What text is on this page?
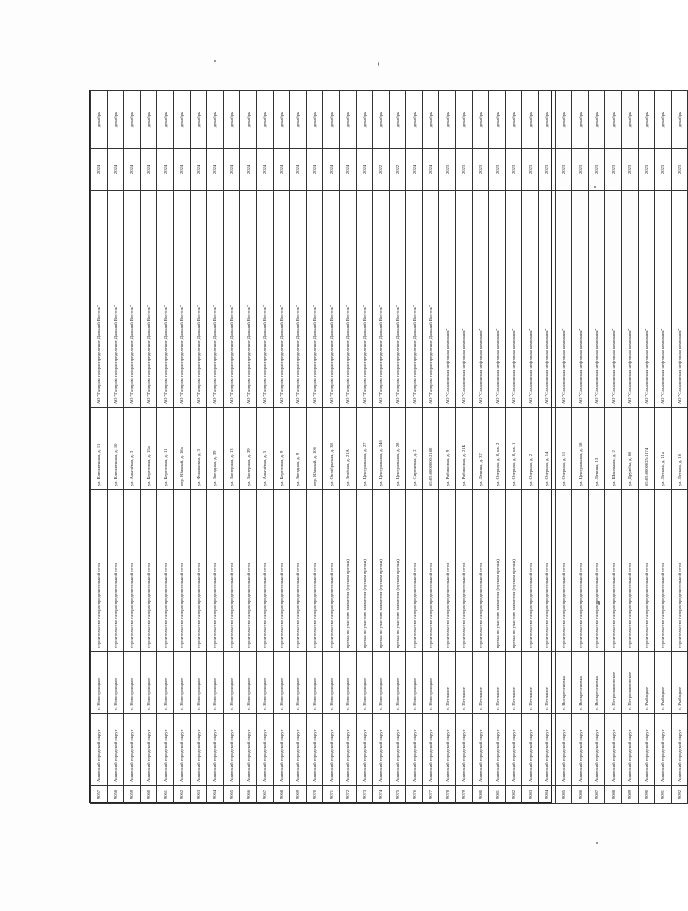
9057	Анивский городской округ	с. Новотроицкое	строительство газораспределительной сети	ул. Клюквенная, д. 11	АО "Газпром газораспределение Дальний Восток"	2024	декабрь
9058	Анивский городской округ	с. Новотроицкое	строительство газораспределительной сети	ул. Клюквенная, д. 10	АО "Газпром газораспределение Дальний Восток"	2024	декабрь
9059	Анивский городской округ	с. Новотроицкое	строительство газораспределительной сети	ул. Алычёвая, д. 3	АО "Газпром газораспределение Дальний Восток"	2024	декабрь
9060	Анивский городской округ	с. Новотроицкое	строительство газораспределительной сети	ул. Березовая, д. 15а	АО "Газпром газораспределение Дальний Восток"	2024	декабрь
9061	Анивский городской округ	с. Новотроицкое	строительство газораспределительной сети	ул. Березовая, д. 11	АО "Газпром газораспределение Дальний Восток"	2024	декабрь
9062	Анивский городской округ	с. Новотроицкое	строительство газораспределительной сети	пер. Южный, д. 18а	АО "Газпром газораспределение Дальний Восток"	2024	декабрь
9063	Анивский городской округ	с. Новотроицкое	строительство газораспределительной сети	ул. Фиалковая, д. 3	АО "Газпром газораспределение Дальний Восток"	2024	декабрь
9064	Анивский городской округ	с. Новотроицкое	строительство газораспределительной сети	ул. Звездная, д. 39	АО "Газпром газораспределение Дальний Восток"	2024	декабрь
9065	Анивский городской округ	с. Новотроицкое	строительство газораспределительной сети	ул. Заозерная, д. 13	АО "Газпром газораспределение Дальний Восток"	2024	декабрь
9066	Анивский городской округ	с. Новотроицкое	строительство газораспределительной сети	ул. Заозерная, д. 39	АО "Газпром газораспределение Дальний Восток"	2024	декабрь
9067	Анивский городской округ	с. Новотроицкое	строительство газораспределительной сети	ул. Алычёвая, д. 5	АО "Газпром газораспределение Дальний Восток"	2024	декабрь
9068	Анивский городской округ	с. Новотроицкое	строительство газораспределительной сети	ул. Березовая, д. 9	АО "Газпром газораспределение Дальний Восток"	2024	декабрь
9069	Анивский городской округ	с. Новотроицкое	строительство газораспределительной сети	ул. Звездная, д. 9	АО "Газпром газораспределение Дальний Восток"	2024	декабрь
9070	Анивский городской округ	с. Новотроицкое	строительство газораспределительной сети	пер. Южный, д. 10б	АО "Газпром газораспределение Дальний Восток"	2024	декабрь
9071	Анивский городской округ	с. Новотроицкое	строительство газораспределительной сети	ул. Октябрьская, д. 38	АО "Газпром газораспределение Дальний Восток"	2024	декабрь
9072	Анивский городской округ	с. Новотроицкое	врезка по участию заявителя (пуском врезки)	ул. Зелёная, д. 21А	АО "Газпром газораспределение Дальний Восток"	2024	декабрь
9073	Анивский городской округ	с. Новотроицкое	врезка по участию заявителя (пуском врезки)	ул. Центральная, д. 27	АО "Газпром газораспределение Дальний Восток"	2024	декабрь
9074	Анивский городской округ	с. Новотроицкое	врезка по участию заявителя (пуском врезки)	ул. Центральная, д. 24б	АО "Газпром газораспределение Дальний Восток"	2022	декабрь
9075	Анивский городской округ	с. Новотроицкое	врезка по участию заявителя (пуском врезки)	ул. Центральная, д. 28	АО "Газпром газораспределение Дальний Восток"	2022	декабрь
9076	Анивский городской округ	с. Новотроицкое	строительство газораспределительной сети	ул. Сиреневая, д. 2	АО "Газпром газораспределение Дальний Восток"	2024	декабрь
9077	Анивский городской округ	с. Новотроицкое	строительство газораспределительной сети	65:05:0000000:2180	АО "Газпром газораспределение Дальний Восток"	2024	декабрь
9078	Анивский городской округ	с. Песчаное	строительство газораспределительной сети	ул. Рябиновая, д. 9	АО "Сахалинская нефтяная компания"	2023	декабрь
9079	Анивский городской округ	с. Песчаное	строительство газораспределительной сети	ул. Рябиновая, д. 21Б	АО "Сахалинская нефтяная компания"	2023	декабрь
9080	Анивский городской округ	с. Песчаное	строительство газораспределительной сети	ул. Ленина, д. 37	АО "Сахалинская нефтяная компания"	2023	декабрь
9081	Анивский городской округ	с. Песчаное	врезка по участию заявителя (пуском врезки)	ул. Озерная, д. 8, кв. 2	АО "Сахалинская нефтяная компания"	2023	декабрь
9082	Анивский городской округ	с. Песчаное	врезка по участию заявителя (пуском врезки)	ул. Озерная, д. 8, кв. 1	АО "Сахалинская нефтяная компания"	2023	декабрь
9083	Анивский городской округ	с. Песчаное	строительство газораспределительной сети	ул. Озерная, д. 2	АО "Сахалинская нефтяная компания"	2023	декабрь
9084	Анивский городской округ	с. Песчаное	строительство газораспределительной сети	ул. Озерная, д. 14	АО "Сахалинская нефтяная компания"	2023	декабрь
9085	Анивский городской округ	с. Воскресеновка	строительство газораспределительной сети	ул. Озерная, д. 11	АО "Сахалинская нефтяная компания"	2023	декабрь
9086	Анивский городской округ	с. Воскресеновка	строительство газораспределительной сети	ул. Центральная, д. 18	АО "Сахалинская нефтяная компания"	2023	декабрь
9087	Анивский городской округ	с. Воскресеновка	строительство газораспределительной сети	ул. Ленина, 13	АО "Сахалинская нефтяная компания"	2023	декабрь
9088	Анивский городской округ	с. Петропавловское	строительство газораспределительной сети	ул. Школьная, д. 2	АО "Сахалинская нефтяная компания"	2023	декабрь
9089	Анивский городской округ	с. Петропавловское	строительство газораспределительной сети	ул. Дружбы, д. 6б	АО "Сахалинская нефтяная компания"	2023	декабрь
9090	Анивский городской округ	с. Рыбацкое	строительство газораспределительной сети	65:05:0000025:1174	АО "Сахалинская нефтяная компания"	2023	декабрь
9091	Анивский городской округ	с. Рыбацкое	строительство газораспределительной сети	ул. Лесная, д. 11а	АО "Сахалинская нефтяная компания"	2023	декабрь
9092	Анивский городской округ	с. Рыбацкое	строительство газораспределительной сети	ул. Лесная, д. 16	АО "Сахалинская нефтяная компания"	2023	декабрь
